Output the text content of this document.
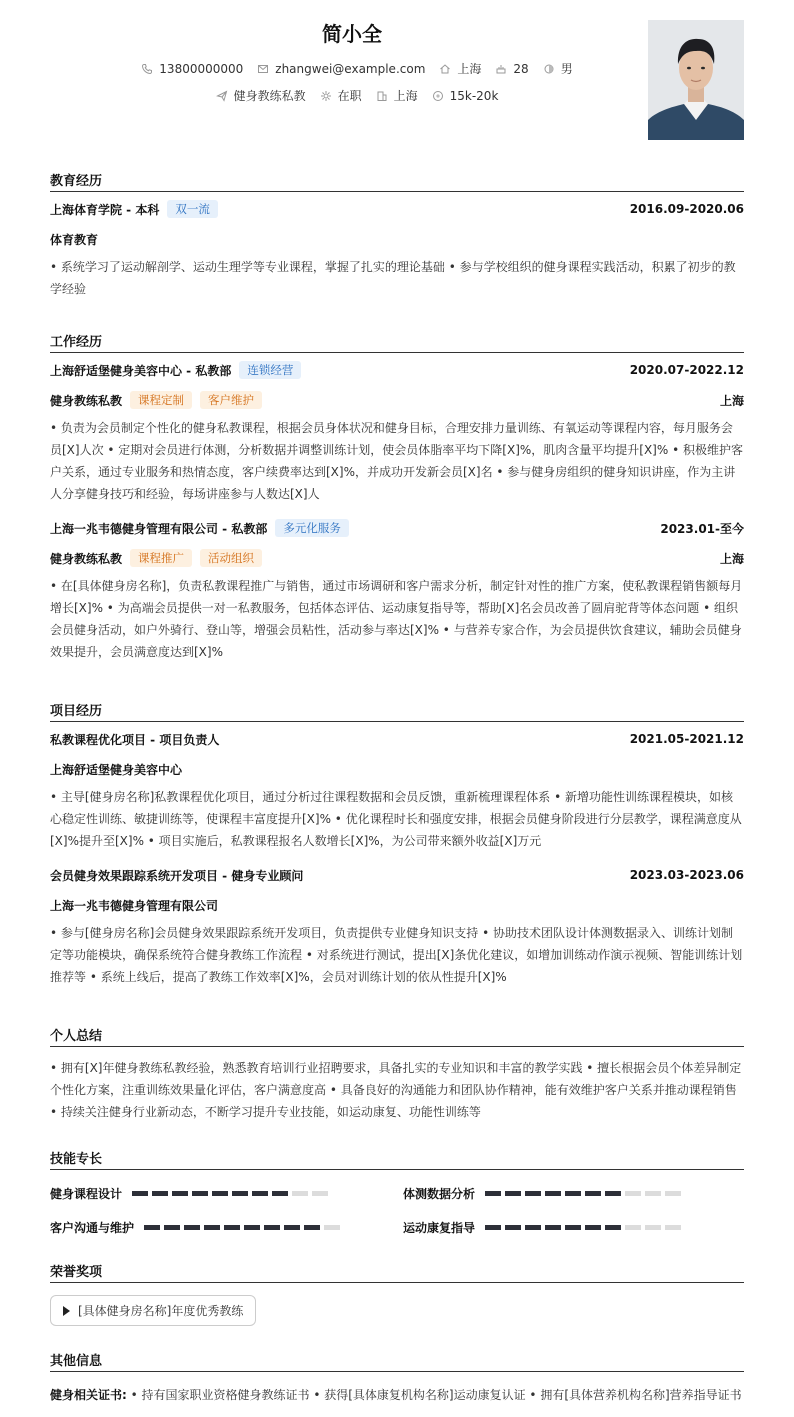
简小全
13800000000	zhangwei@example.com	上海	28	男
健身教练私教	在职	上海	15k-20k
教育经历
上海体育学院 - 本科	双一流	2016.09-2020.06
体育教育
• 系统学习了运动解剖学、运动生理学等专业课程，掌握了扎实的理论基础 • 参与学校组织的健身课程实践活动，积累了初步的教学经验
工作经历
上海舒适堡健身美容中心 - 私教部	连锁经营	2020.07-2022.12
健身教练私教	课程定制	客户维护	上海
• 负责为会员制定个性化的健身私教课程，根据会员身体状况和健身目标，合理安排力量训练、有氧运动等课程内容，每月服务会员[X]人次 • 定期对会员进行体测，分析数据并调整训练计划，使会员体脂率平均下降[X]%，肌肉含量平均提升[X]% • 积极维护客户关系，通过专业服务和热情态度，客户续费率达到[X]%，并成功开发新会员[X]名 • 参与健身房组织的健身知识讲座，作为主讲人分享健身技巧和经验，每场讲座参与人数达[X]人
上海一兆韦德健身管理有限公司 - 私教部	多元化服务	2023.01-至今
健身教练私教	课程推广	活动组织	上海
• 在[具体健身房名称]，负责私教课程推广与销售，通过市场调研和客户需求分析，制定针对性的推广方案，使私教课程销售额每月增长[X]% • 为高端会员提供一对一私教服务，包括体态评估、运动康复指导等，帮助[X]名会员改善了圆肩驼背等体态问题 • 组织会员健身活动，如户外骑行、登山等，增强会员粘性，活动参与率达[X]% • 与营养专家合作，为会员提供饮食建议，辅助会员健身效果提升，会员满意度达到[X]%
项目经历
私教课程优化项目 - 项目负责人	2021.05-2021.12
上海舒适堡健身美容中心
• 主导[健身房名称]私教课程优化项目，通过分析过往课程数据和会员反馈，重新梳理课程体系 • 新增功能性训练课程模块，如核心稳定性训练、敏捷训练等，使课程丰富度提升[X]% • 优化课程时长和强度安排，根据会员健身阶段进行分层教学，课程满意度从[X]%提升至[X]% • 项目实施后，私教课程报名人数增长[X]%，为公司带来额外收益[X]万元
会员健身效果跟踪系统开发项目 - 健身专业顾问	2023.03-2023.06
上海一兆韦德健身管理有限公司
• 参与[健身房名称]会员健身效果跟踪系统开发项目，负责提供专业健身知识支持 • 协助技术团队设计体测数据录入、训练计划制定等功能模块，确保系统符合健身教练工作流程 • 对系统进行测试，提出[X]条优化建议，如增加训练动作演示视频、智能训练计划推荐等 • 系统上线后，提高了教练工作效率[X]%，会员对训练计划的依从性提升[X]%
个人总结
• 拥有[X]年健身教练私教经验，熟悉教育培训行业招聘要求，具备扎实的专业知识和丰富的教学实践 • 擅长根据会员个体差异制定个性化方案，注重训练效果量化评估，客户满意度高 • 具备良好的沟通能力和团队协作精神，能有效维护客户关系并推动课程销售 • 持续关注健身行业新动态，不断学习提升专业技能，如运动康复、功能性训练等
技能专长
健身课程设计	体测数据分析
客户沟通与维护	运动康复指导
荣誉奖项
[具体健身房名称]年度优秀教练
其他信息
健身相关证书: • 持有国家职业资格健身教练证书 • 获得[具体康复机构名称]运动康复认证 • 拥有[具体营养机构名称]营养指导证书
